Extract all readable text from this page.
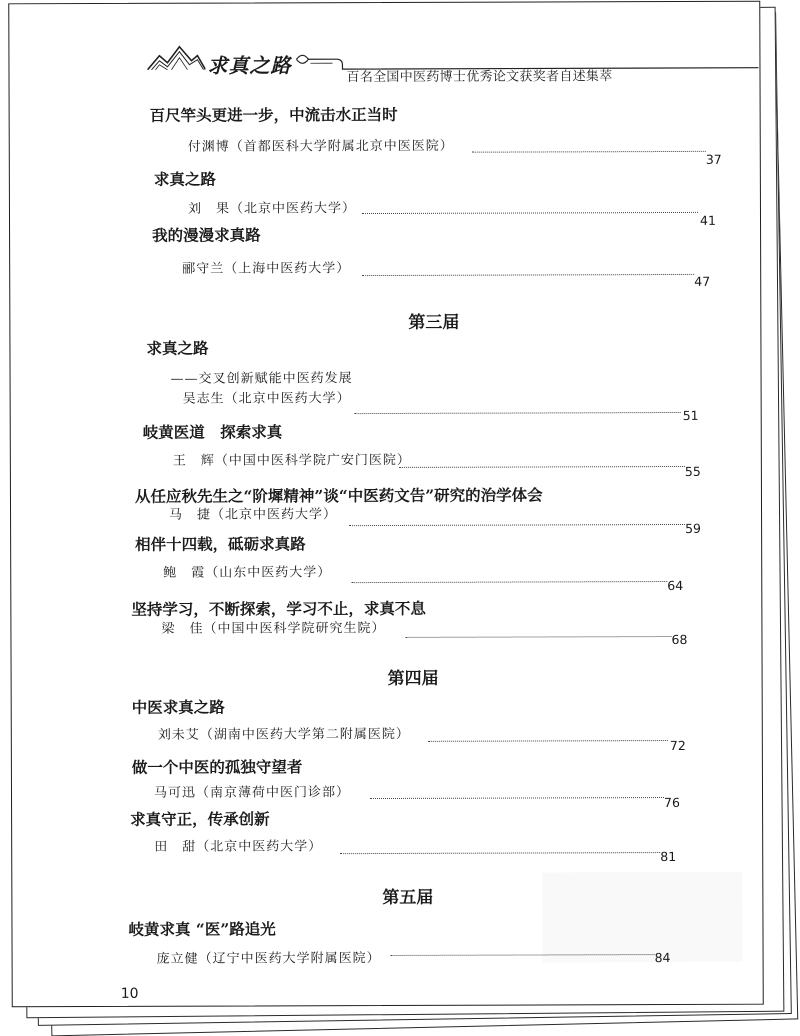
求真之路	百名全国中医药博士优秀论文获奖者自述集萃
百尺竿头更进一步，中流击水正当时
付渊博（首都医科大学附属北京中医医院）
37
求真之路
刘　果（北京中医药大学）
41
我的漫漫求真路
郦守兰（上海中医药大学）
47
第三届
求真之路
——交叉创新赋能中医药发展
吴志生（北京中医药大学）
51
岐黄医道　探索求真
王　辉（中国中医科学院广安门医院）
55
从任应秋先生之“阶墀精神”谈“中医药文告”研究的治学体会
马　捷（北京中医药大学）
59
相伴十四载，砥砺求真路
鲍　霞（山东中医药大学）
64
坚持学习，不断探索，学习不止，求真不息
梁　佳（中国中医科学院研究生院）
68
第四届
中医求真之路
刘未艾（湖南中医药大学第二附属医院）
72
做一个中医的孤独守望者
马可迅（南京薄荷中医门诊部）
76
求真守正，传承创新
田　甜（北京中医药大学）
81
第五届
岐黄求真 “医”路追光
庞立健（辽宁中医药大学附属医院）	84
10
